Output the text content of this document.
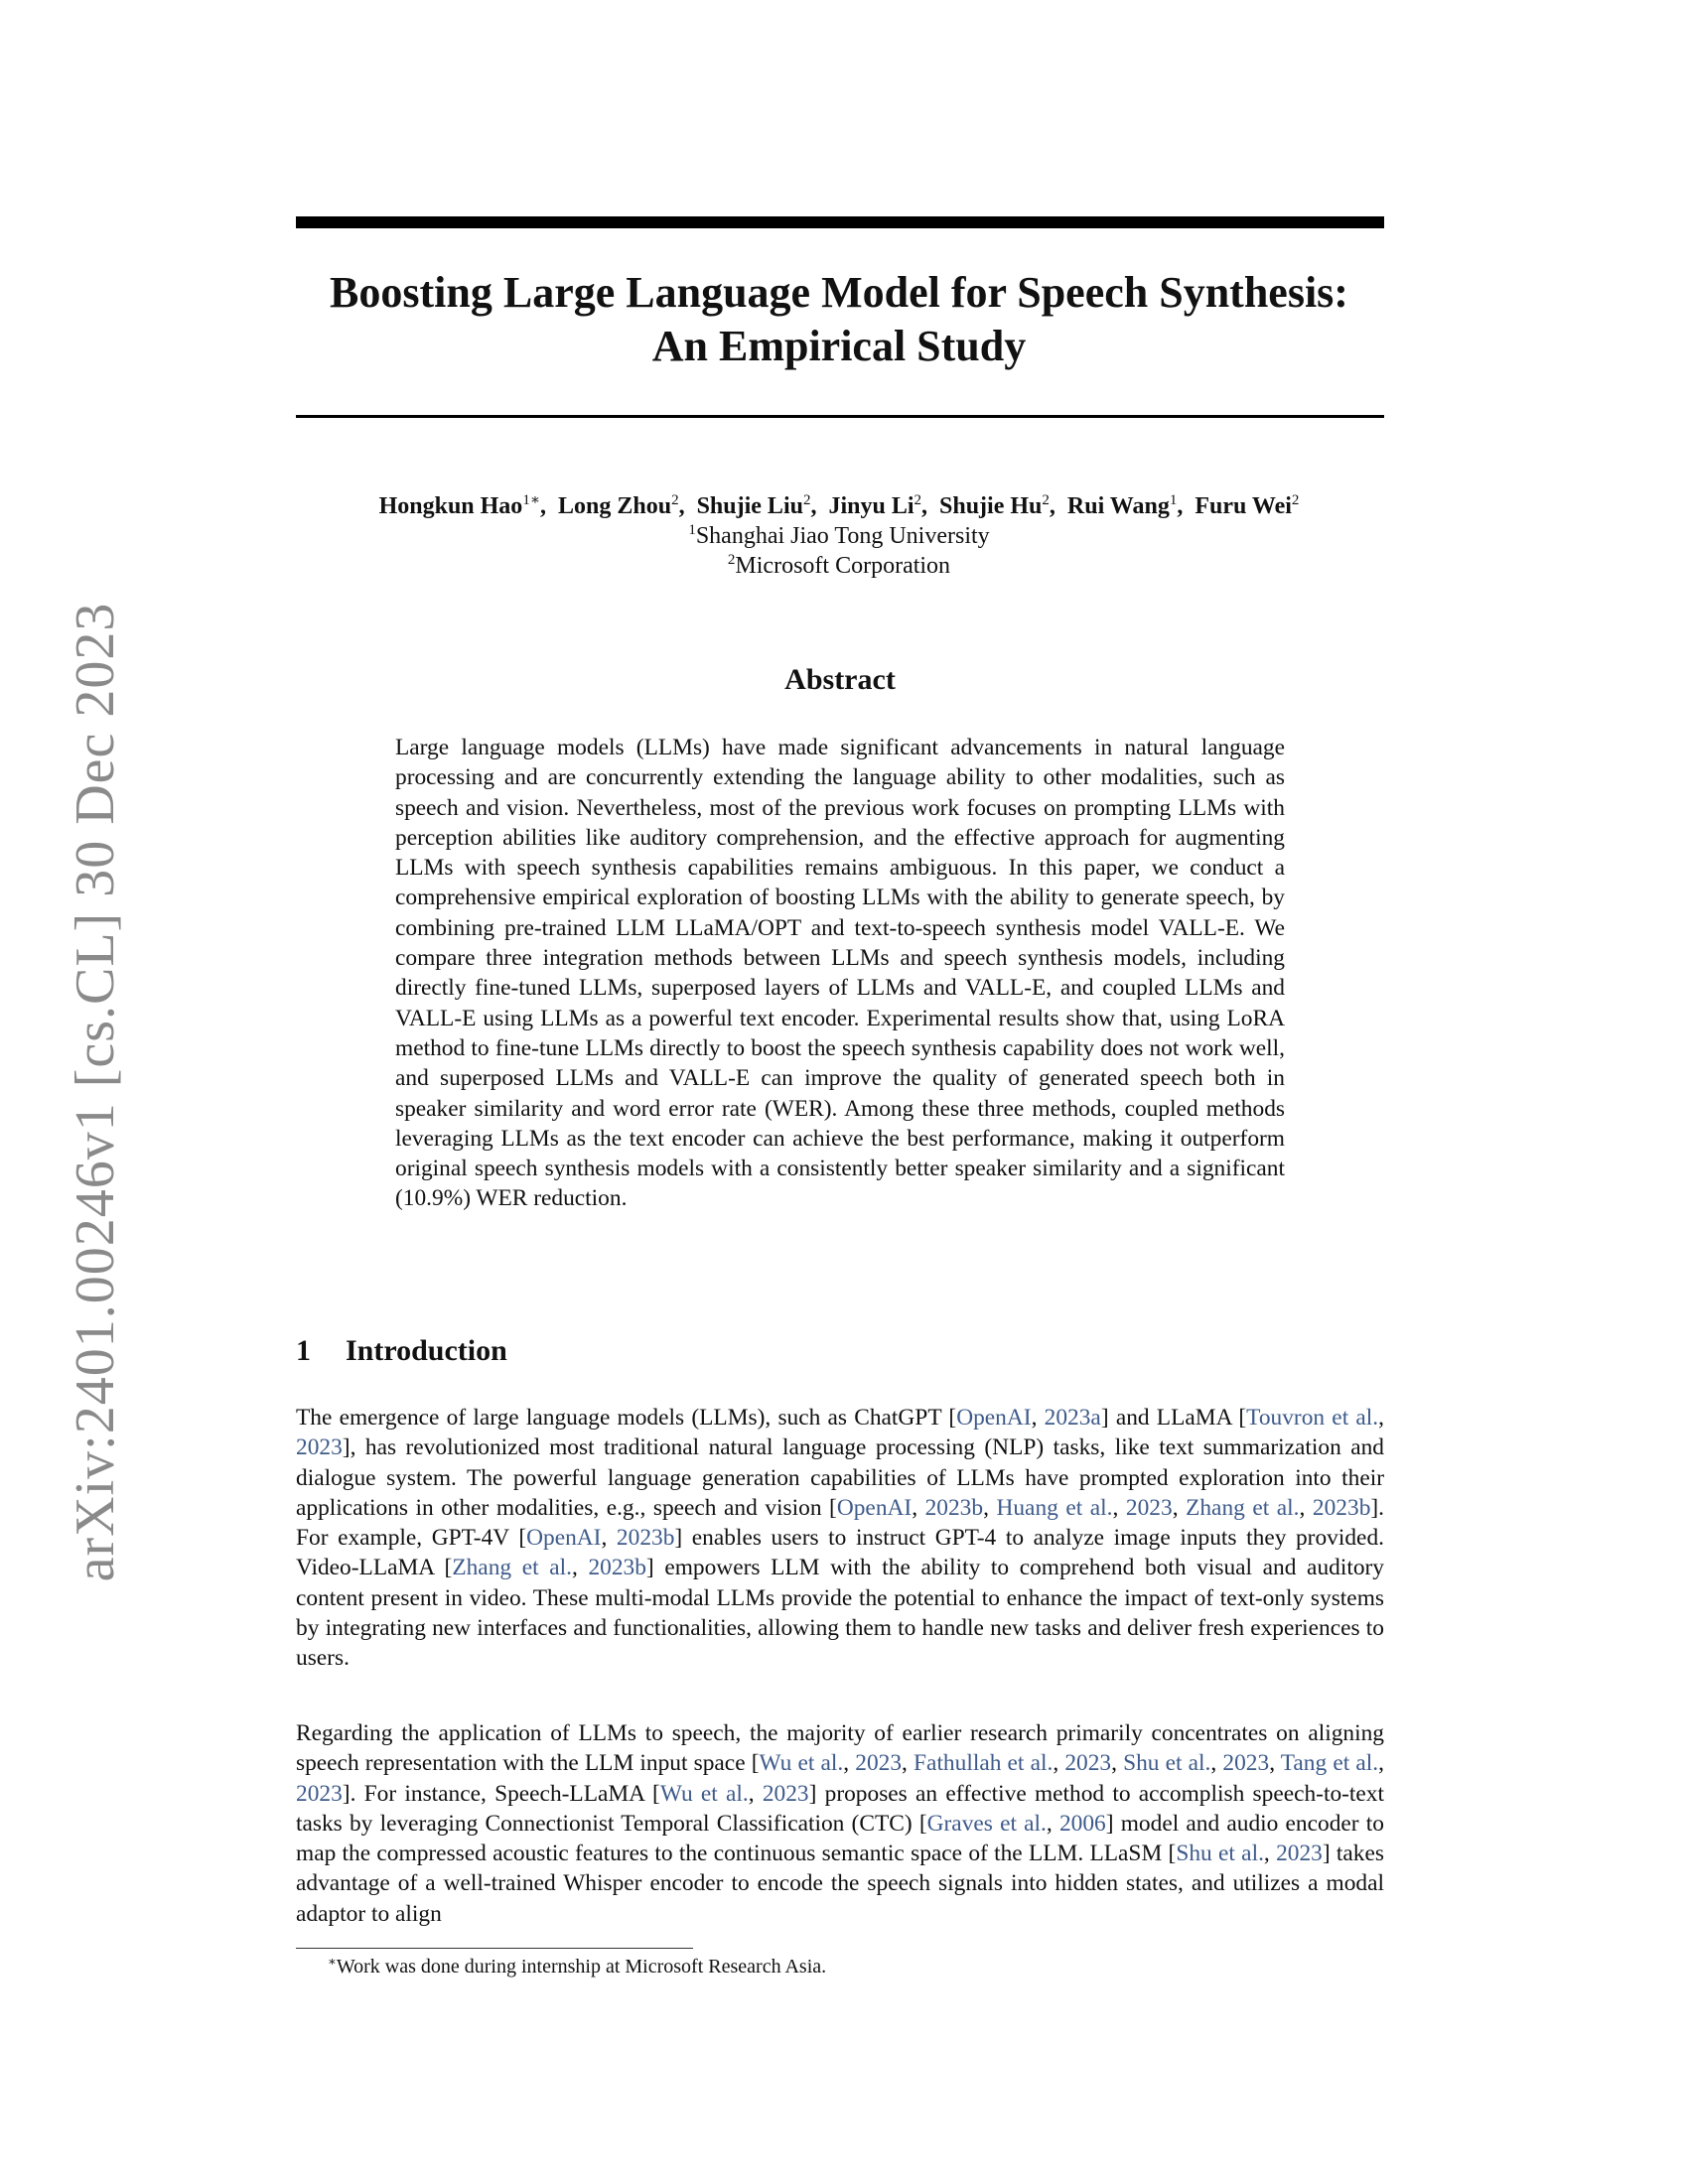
arXiv:2401.00246v1 [cs.CL] 30 Dec 2023
Boosting Large Language Model for Speech Synthesis:
An Empirical Study
Hongkun Hao$^{1∗}$,  Long Zhou$^2$,  Shujie Liu$^2$,  Jinyu Li$^2$,  Shujie Hu$^2$,  Rui Wang$^1$,  Furu Wei$^2$
$^1$Shanghai Jiao Tong University
$^2$Microsoft Corporation
Abstract

Large language models (LLMs) have made significant advancements in natural language processing and are concurrently extending the language ability to other modalities, such as speech and vision. Nevertheless, most of the previous work focuses on prompting LLMs with perception abilities like auditory comprehension, and the effective approach for augmenting LLMs with speech synthesis capabilities remains ambiguous. In this paper, we conduct a comprehensive empirical exploration of boosting LLMs with the ability to generate speech, by combining pre-trained LLM LLaMA/OPT and text-to-speech synthesis model VALL-E. We compare three integration methods between LLMs and speech synthesis models, including directly fine-tuned LLMs, superposed layers of LLMs and VALL-E, and coupled LLMs and VALL-E using LLMs as a powerful text encoder. Experimental results show that, using LoRA method to fine-tune LLMs directly to boost the speech synthesis capability does not work well, and superposed LLMs and VALL-E can improve the quality of generated speech both in speaker similarity and word error rate (WER). Among these three methods, coupled methods leveraging LLMs as the text encoder can achieve the best performance, making it outperform original speech synthesis models with a consistently better speaker similarity and a significant (10.9%) WER reduction.

1 Introduction

The emergence of large language models (LLMs), such as ChatGPT [OpenAI, 2023a] and LLaMA [Touvron et al., 2023], has revolutionized most traditional natural language processing (NLP) tasks, like text summarization and dialogue system. The powerful language generation capabilities of LLMs have prompted exploration into their applications in other modalities, e.g., speech and vision [OpenAI, 2023b, Huang et al., 2023, Zhang et al., 2023b]. For example, GPT-4V [OpenAI, 2023b] enables users to instruct GPT-4 to analyze image inputs they provided. Video-LLaMA [Zhang et al., 2023b] empowers LLM with the ability to comprehend both visual and auditory content present in video. These multi-modal LLMs provide the potential to enhance the impact of text-only systems by integrating new interfaces and functionalities, allowing them to handle new tasks and deliver fresh experiences to users.

Regarding the application of LLMs to speech, the majority of earlier research primarily concentrates on aligning speech representation with the LLM input space [Wu et al., 2023, Fathullah et al., 2023, Shu et al., 2023, Tang et al., 2023]. For instance, Speech-LLaMA [Wu et al., 2023] proposes an effective method to accomplish speech-to-text tasks by leveraging Connectionist Temporal Classification (CTC) [Graves et al., 2006] model and audio encoder to map the compressed acoustic features to the continuous semantic space of the LLM. LLaSM [Shu et al., 2023] takes advantage of a well-trained Whisper encoder to encode the speech signals into hidden states, and utilizes a modal adaptor to align

∗Work was done during internship at Microsoft Research Asia.
